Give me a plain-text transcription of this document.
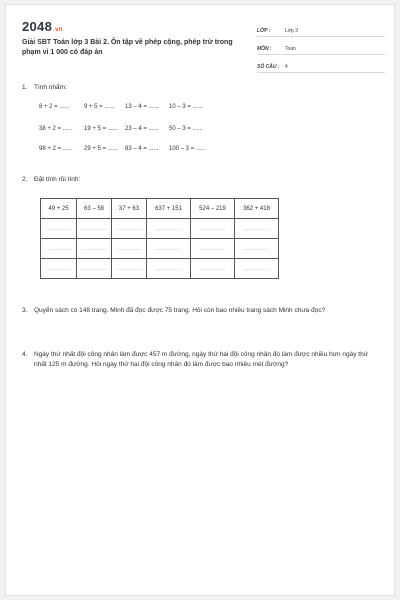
2048.vn
Giải SBT Toán lớp 3 Bài 2. Ôn tập về phép cộng, phép trừ trong phạm vi 1 000 có đáp án
LỚP :	Lớp 3
MÔN :	Toán
SỐ CÂU :	4
1. Tính nhẩm:
8 + 2 = ...... 9 + 5 = ...... 13 – 4 = ...... 10 – 3 = ......
38 + 2 = ...... 19 + 5 = ...... 23 – 4 = ...... 50 – 3 = ......
98 + 2 = ...... 29 + 5 = ...... 83 – 4 = ...... 100 – 3 = ......
2. Đặt tính rồi tính:
49 + 25	63 – 58	37 + 63	637 + 151	524 – 219	362 + 418
................	................	................	................	................	................
................	................	................	................	................	................
................	................	................	................	................	................
3. Quyển sách có 148 trang. Minh đã đọc được 75 trang. Hỏi còn bao nhiêu trang sách Minh chưa đọc?
4. Ngày thứ nhất đội công nhân làm được 457 m đường, ngày thứ hai đội công nhân đó làm được nhiều hơn ngày thứ nhất 125 m đường. Hỏi ngày thứ hai đội công nhân đó làm được bao nhiêu mét đường?
